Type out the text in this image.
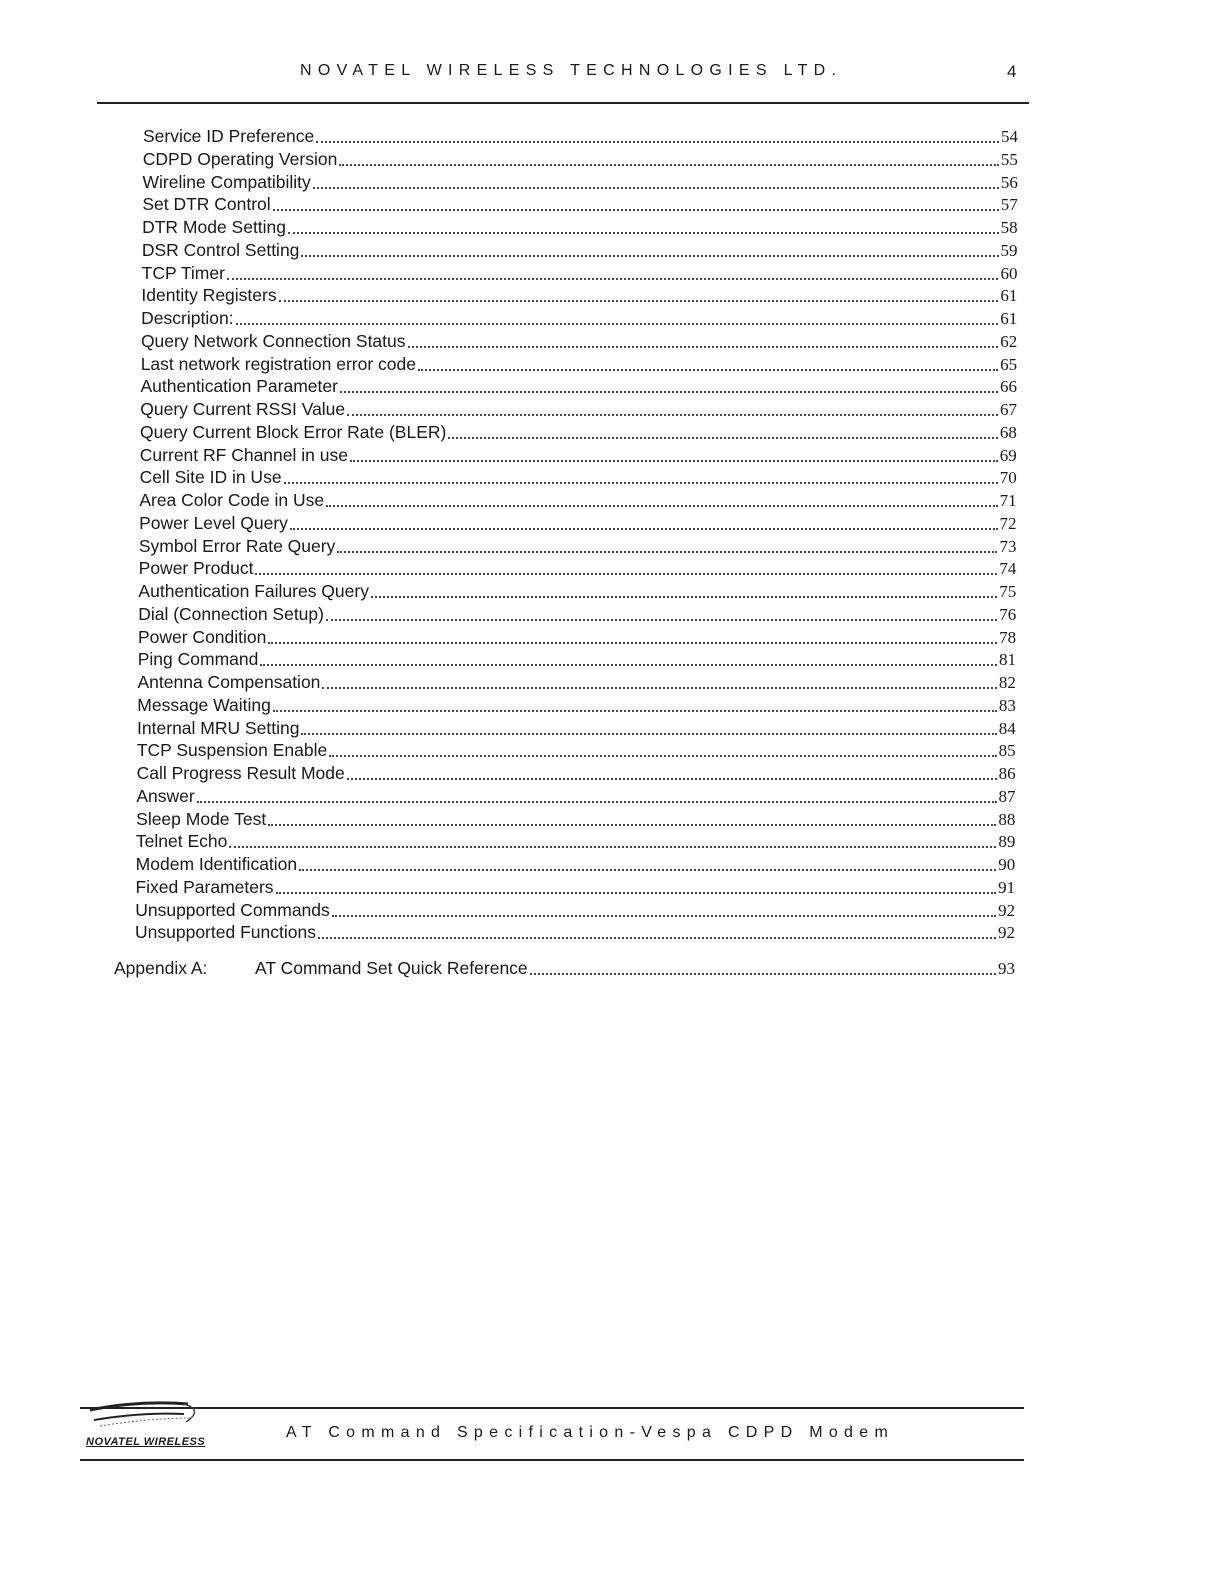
NOVATEL WIRELESS TECHNOLOGIES LTD.	4
Service ID Preference	54
CDPD Operating Version	55
Wireline Compatibility	56
Set DTR Control	57
DTR Mode Setting	58
DSR Control Setting	59
TCP Timer	60
Identity Registers	61
Description:	61
Query Network Connection Status	62
Last network registration error code	65
Authentication Parameter	66
Query Current RSSI Value	67
Query Current Block Error Rate (BLER)	68
Current RF Channel in use	69
Cell Site ID in Use	70
Area Color Code in Use	71
Power Level Query	72
Symbol Error Rate Query	73
Power Product	74
Authentication Failures Query	75
Dial (Connection Setup)	76
Power Condition	78
Ping Command	81
Antenna Compensation	82
Message Waiting	83
Internal MRU Setting	84
TCP Suspension Enable	85
Call Progress Result Mode	86
Answer	87
Sleep Mode Test	88
Telnet Echo	89
Modem Identification	90
Fixed Parameters	91
Unsupported Commands	92
Unsupported Functions	92
Appendix A:	AT Command Set Quick Reference	93
NOVATEL WIRELESS
AT Command Specification-Vespa CDPD Modem
